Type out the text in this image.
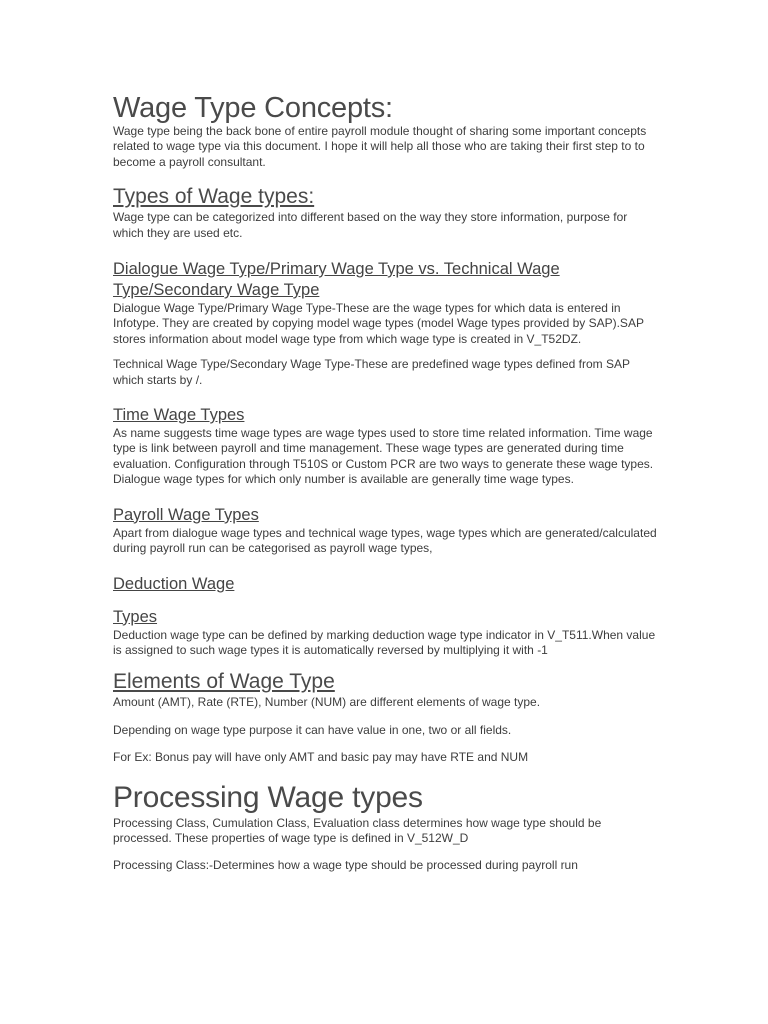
Wage Type Concepts:

Wage type being the back bone of entire payroll module thought of sharing some important concepts related to wage type via this document. I hope it will help all those who are taking their first step to to become a payroll consultant.

Types of Wage types:

Wage type can be categorized into different based on the way they store information, purpose for which they are used etc.

Dialogue Wage Type/Primary Wage Type vs. Technical Wage Type/Secondary Wage Type

Dialogue Wage Type/Primary Wage Type-These are the wage types for which data is entered in Infotype. They are created by copying model wage types (model Wage types provided by SAP).SAP stores information about model wage type from which wage type is created in V_T52DZ.

Technical Wage Type/Secondary Wage Type-These are predefined wage types defined from SAP which starts by /.

Time Wage Types

As name suggests time wage types are wage types used to store time related information. Time wage type is link between payroll and time management. These wage types are generated during time evaluation. Configuration through T510S or Custom PCR are two ways to generate these wage types. Dialogue wage types for which only number is available are generally time wage types.

Payroll Wage Types

Apart from dialogue wage types and technical wage types, wage types which are generated/calculated during payroll run can be categorised as payroll wage types,

Deduction Wage
Types

Deduction wage type can be defined by marking deduction wage type indicator in V_T511.When value is assigned to such wage types it is automatically reversed by multiplying it with -1

Elements of Wage Type

Amount (AMT), Rate (RTE), Number (NUM) are different elements of wage type.

Depending on wage type purpose it can have value in one, two or all fields.

For Ex: Bonus pay will have only AMT and basic pay may have RTE and NUM

Processing Wage types

Processing Class, Cumulation Class, Evaluation class determines how wage type should be processed. These properties of wage type is defined in V_512W_D

Processing Class:-Determines how a wage type should be processed during payroll run
